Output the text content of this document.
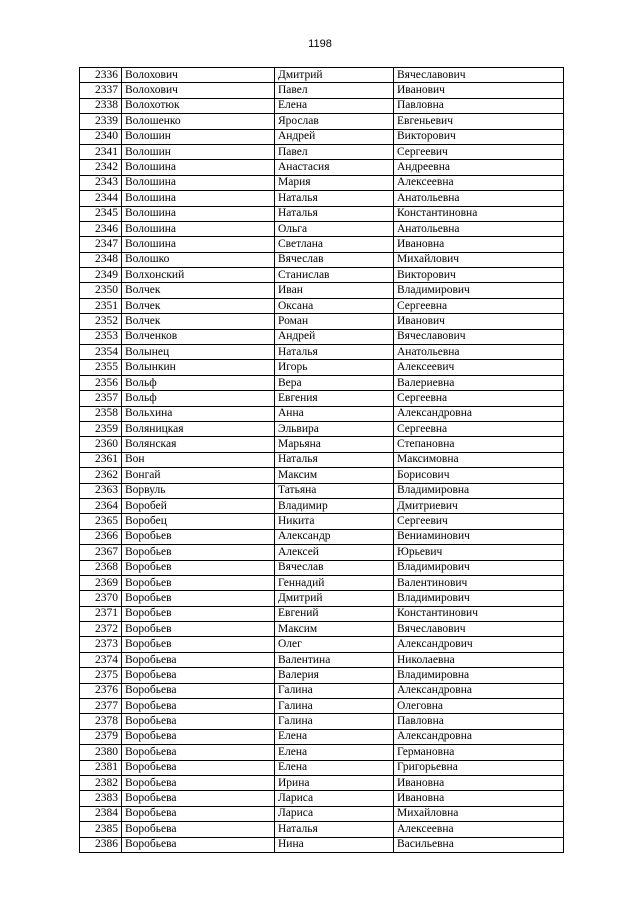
1198
2336	Волохович	Дмитрий	Вячеславович
2337	Волохович	Павел	Иванович
2338	Волохотюк	Елена	Павловна
2339	Волошенко	Ярослав	Евгеньевич
2340	Волошин	Андрей	Викторович
2341	Волошин	Павел	Сергеевич
2342	Волошина	Анастасия	Андреевна
2343	Волошина	Мария	Алексеевна
2344	Волошина	Наталья	Анатольевна
2345	Волошина	Наталья	Константиновна
2346	Волошина	Ольга	Анатольевна
2347	Волошина	Светлана	Ивановна
2348	Волошко	Вячеслав	Михайлович
2349	Волхонский	Станислав	Викторович
2350	Волчек	Иван	Владимирович
2351	Волчек	Оксана	Сергеевна
2352	Волчек	Роман	Иванович
2353	Волченков	Андрей	Вячеславович
2354	Волынец	Наталья	Анатольевна
2355	Волынкин	Игорь	Алексеевич
2356	Вольф	Вера	Валериевна
2357	Вольф	Евгения	Сергеевна
2358	Вольхина	Анна	Александровна
2359	Воляницкая	Эльвира	Сергеевна
2360	Волянская	Марьяна	Степановна
2361	Вон	Наталья	Максимовна
2362	Вонгай	Максим	Борисович
2363	Ворвуль	Татьяна	Владимировна
2364	Воробей	Владимир	Дмитриевич
2365	Воробец	Никита	Сергеевич
2366	Воробьев	Александр	Вениаминович
2367	Воробьев	Алексей	Юрьевич
2368	Воробьев	Вячеслав	Владимирович
2369	Воробьев	Геннадий	Валентинович
2370	Воробьев	Дмитрий	Владимирович
2371	Воробьев	Евгений	Константинович
2372	Воробьев	Максим	Вячеславович
2373	Воробьев	Олег	Александрович
2374	Воробьева	Валентина	Николаевна
2375	Воробьева	Валерия	Владимировна
2376	Воробьева	Галина	Александровна
2377	Воробьева	Галина	Олеговна
2378	Воробьева	Галина	Павловна
2379	Воробьева	Елена	Александровна
2380	Воробьева	Елена	Германовна
2381	Воробьева	Елена	Григорьевна
2382	Воробьева	Ирина	Ивановна
2383	Воробьева	Лариса	Ивановна
2384	Воробьева	Лариса	Михайловна
2385	Воробьева	Наталья	Алексеевна
2386	Воробьева	Нина	Васильевна
